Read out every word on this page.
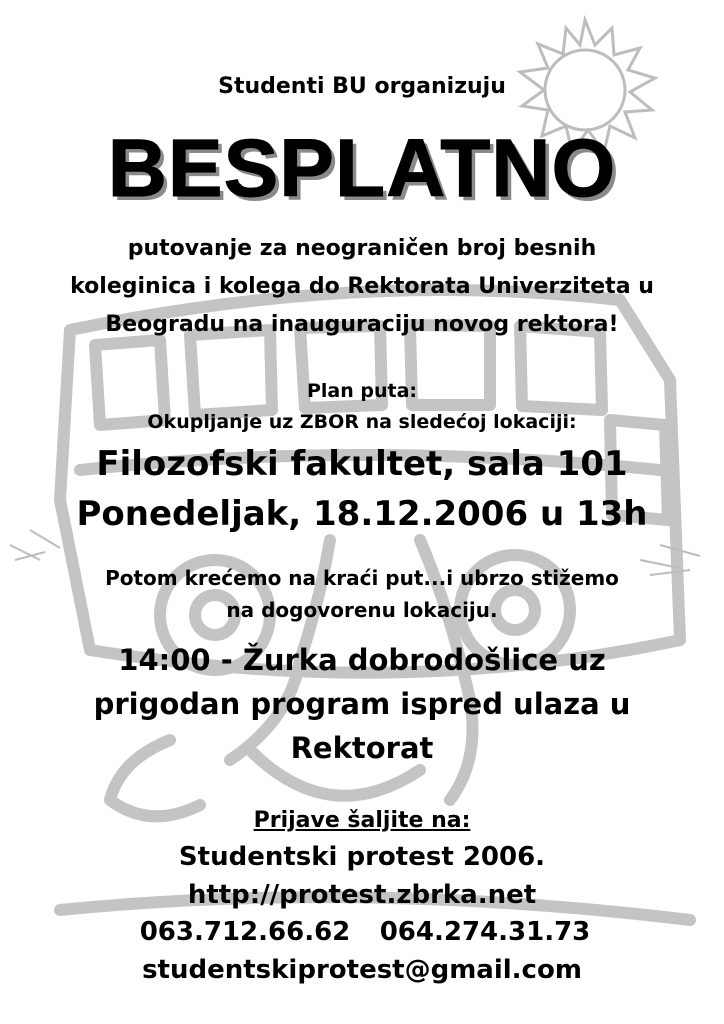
Studenti BU organizuju

BESPLATNO

putovanje za neograničen broj besnih

koleginica i kolega do Rektorata Univerziteta u

Beogradu na inauguraciju novog rektora!

Plan puta:

Okupljanje uz ZBOR na sledećoj lokaciji:

Filozofski fakultet, sala 101

Ponedeljak, 18.12.2006 u 13h

Potom krećemo na kraći put...i ubrzo stižemo

na dogovorenu lokaciju.

14:00 - Žurka dobrodošlice uz

prigodan program ispred ulaza u

Rektorat

Prijave šaljite na:

Studentski protest 2006.

http://protest.zbrka.net

063.712.66.62	064.274.31.73

studentskiprotest@gmail.com
